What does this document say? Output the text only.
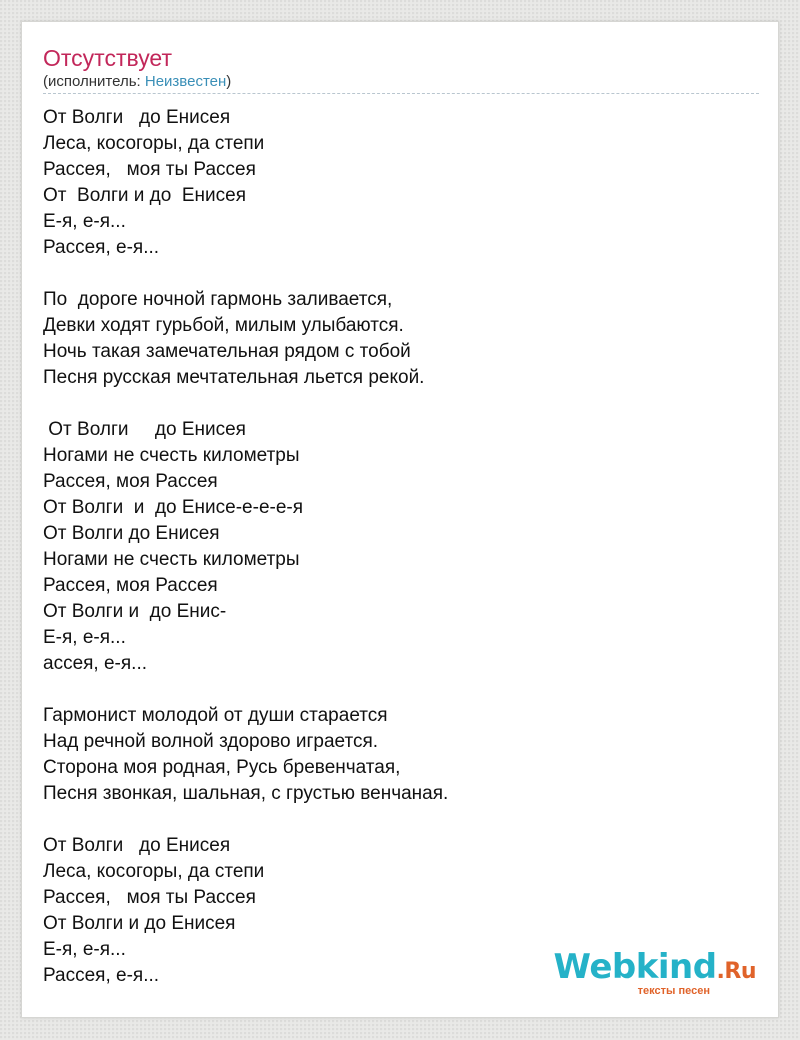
Отсутствует
(исполнитель: Неизвестен)
От Волги   до Енисея
Леса, косогоры, да степи
Рассея,   моя ты Рассея
От  Волги и до  Енисея
Е-я, е-я...
Рассея, е-я...
По  дороге ночной гармонь заливается,
Девки ходят гурьбой, милым улыбаются.
Ночь такая замечательная рядом с тобой
Песня русская мечтательная льется рекой.
От Волги     до Енисея
Ногами не счесть километры
Рассея, моя Рассея
От Волги  и  до Енисе-е-е-е-я
От Волги до Енисея
Ногами не счесть километры
Рассея, моя Рассея
От Волги и  до Енис-
Е-я, е-я...
ассея, е-я...
Гармонист молодой от души старается
Над речной волной здорово играется.
Сторона моя родная, Русь бревенчатая,
Песня звонкая, шальная, с грустью венчаная.
От Волги   до Енисея
Леса, косогоры, да степи
Рассея,   моя ты Рассея
От Волги и до Енисея
Е-я, е-я...
Рассея, е-я...	Webkind.Ru
тексты песен
